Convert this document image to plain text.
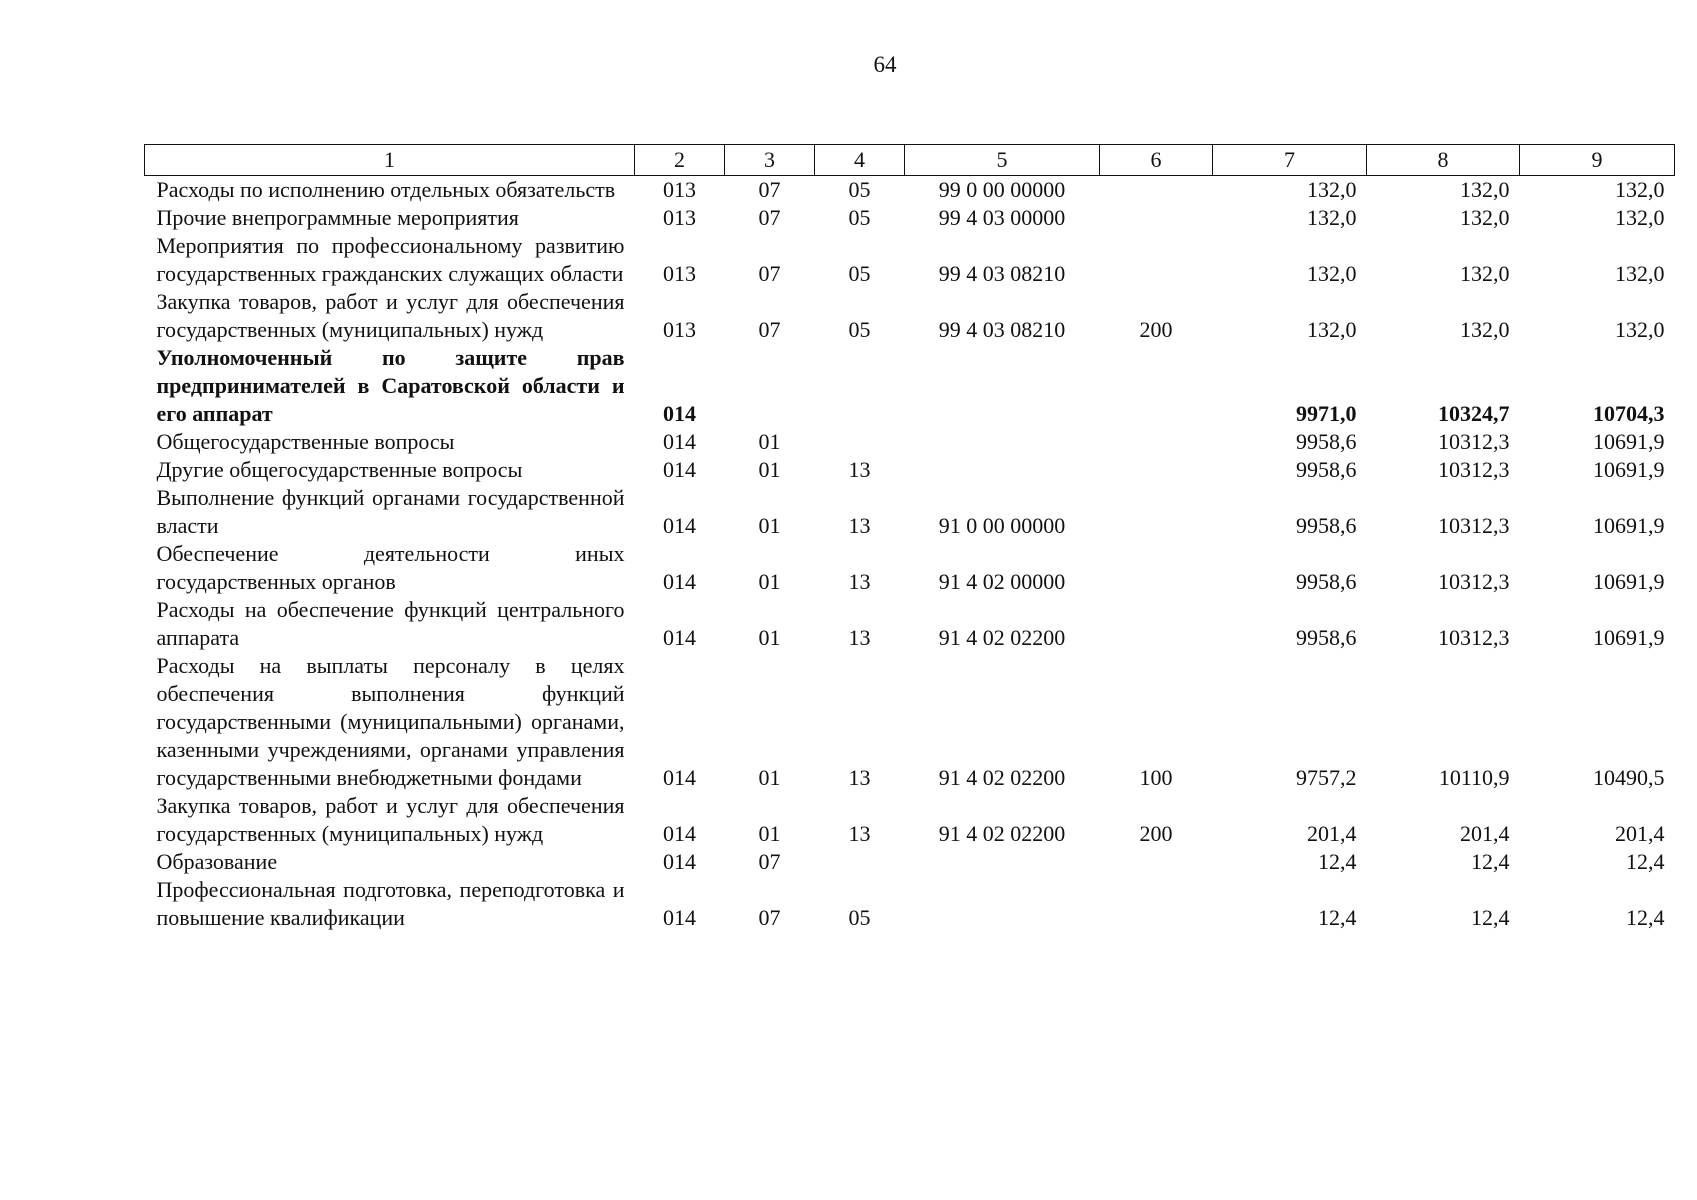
64
1	2	3	4	5	6	7	8	9
Расходы по исполнению отдельных обязательств	013	07	05	99 0 00 00000		132,0	132,0	132,0
Прочие внепрограммные мероприятия	013	07	05	99 4 03 00000		132,0	132,0	132,0
Мероприятия по профессиональному развитию государственных гражданских служащих области	013	07	05	99 4 03 08210		132,0	132,0	132,0
Закупка товаров, работ и услуг для обеспечения государственных (муниципальных) нужд	013	07	05	99 4 03 08210	200	132,0	132,0	132,0
Уполномоченный по защите прав предпринимателей в Саратовской области и его аппарат	014					9971,0	10324,7	10704,3
Общегосударственные вопросы	014	01				9958,6	10312,3	10691,9
Другие общегосударственные вопросы	014	01	13			9958,6	10312,3	10691,9
Выполнение функций органами государственной власти	014	01	13	91 0 00 00000		9958,6	10312,3	10691,9
Обеспечение деятельности иных государственных органов	014	01	13	91 4 02 00000		9958,6	10312,3	10691,9
Расходы на обеспечение функций центрального аппарата	014	01	13	91 4 02 02200		9958,6	10312,3	10691,9
Расходы на выплаты персоналу в целях обеспечения выполнения функций государственными (муниципальными) органами, казенными учреждениями, органами управления государственными внебюджетными фондами	014	01	13	91 4 02 02200	100	9757,2	10110,9	10490,5
Закупка товаров, работ и услуг для обеспечения государственных (муниципальных) нужд	014	01	13	91 4 02 02200	200	201,4	201,4	201,4
Образование	014	07				12,4	12,4	12,4
Профессиональная подготовка, переподготовка и повышение квалификации	014	07	05			12,4	12,4	12,4
